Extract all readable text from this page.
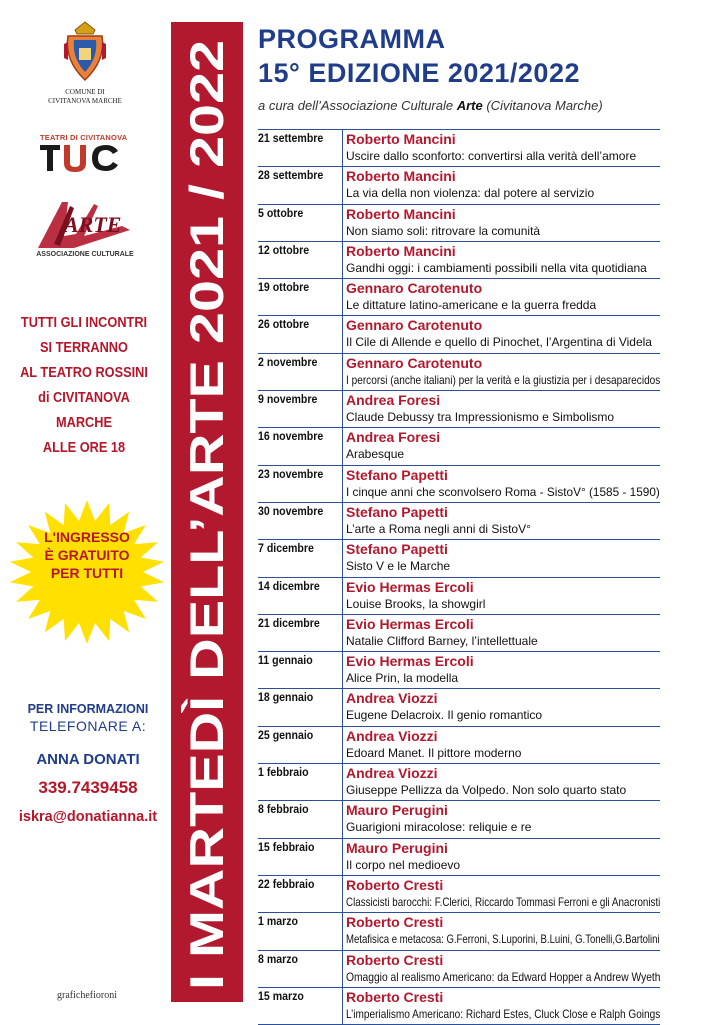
COMUNE DI
CIVITANOVA MARCHE
TEATRI DI CIVITANOVA
ARTE
ASSOCIAZIONE CULTURALE
TUTTI GLI INCONTRI
SI TERRANNO
AL TEATRO ROSSINI
di CIVITANOVA MARCHE
ALLE ORE 18
L'INGRESSO
È GRATUITO
PER TUTTI
PER INFORMAZIONI
TELEFONARE A:
ANNA DONATI
339.7439458
iskra@donatianna.it
grafichefioroni
I MARTEDÌ DELL’ARTE 2021 / 2022
PROGRAMMA
15° EDIZIONE 2021/2022
a cura dell’Associazione Culturale Arte (Civitanova Marche)
21 settembre	Roberto Mancini
Uscire dallo sconforto: convertirsi alla verità dell’amore
28 settembre	Roberto Mancini
La via della non violenza: dal potere al servizio
5 ottobre	Roberto Mancini
Non siamo soli: ritrovare la comunità
12 ottobre	Roberto Mancini
Gandhi oggi: i cambiamenti possibili nella vita quotidiana
19 ottobre	Gennaro Carotenuto
Le dittature latino-americane e la guerra fredda
26 ottobre	Gennaro Carotenuto
Il Cile di Allende e quello di Pinochet, l’Argentina di Videla
2 novembre	Gennaro Carotenuto
I percorsi (anche italiani) per la verità e la giustizia per i desaparecidos
9 novembre	Andrea Foresi
Claude Debussy tra Impressionismo e Simbolismo
16 novembre	Andrea Foresi
Arabesque
23 novembre	Stefano Papetti
I cinque anni che sconvolsero Roma - SistoV° (1585 - 1590)
30 novembre	Stefano Papetti
L’arte a Roma negli anni di SistoV°
7 dicembre	Stefano Papetti
Sisto V e le Marche
14 dicembre	Evio Hermas Ercoli
Louise Brooks, la showgirl
21 dicembre	Evio Hermas Ercoli
Natalie Clifford Barney, l’intellettuale
11 gennaio	Evio Hermas Ercoli
Alice Prin, la modella
18 gennaio	Andrea Viozzi
Eugene Delacroix. Il genio romantico
25 gennaio	Andrea Viozzi
Edoard Manet. Il pittore moderno
1 febbraio	Andrea Viozzi
Giuseppe Pellizza da Volpedo. Non solo quarto stato
8 febbraio	Mauro Perugini
Guarigioni miracolose: reliquie e re
15 febbraio	Mauro Perugini
Il corpo nel medioevo
22 febbraio	Roberto Cresti
Classicisti barocchi: F.Clerici, Riccardo Tommasi Ferroni e gli Anacronisti
1 marzo	Roberto Cresti
Metafisica e metacosa: G.Ferroni, S.Luporini, B.Luini, G.Tonelli,G.Bartolini
8 marzo	Roberto Cresti
Omaggio al realismo Americano: da Edward Hopper a Andrew Wyeth
15 marzo	Roberto Cresti
L’imperialismo Americano: Richard Estes, Cluck Close e Ralph Goings
